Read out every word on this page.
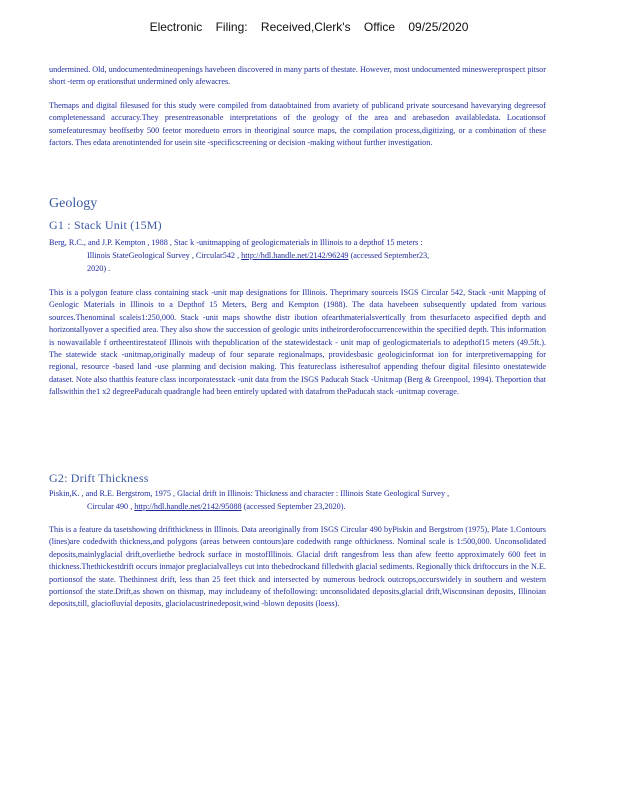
Electronic Filing: Received,Clerk's Office 09/25/2020

undermined. Old, undocumentedmineopenings havebeen discovered in many parts of thestate. However, most undocumented mineswereprospect pitsor short -term op erationsthat undermined only afewacres.

Themaps and digital filesused for this study were compiled from dataobtained from avariety of publicand private sourcesand havevarying degreesof completenessand accuracy.They presentreasonable interpretations of the geology of the area and arebasedon availabledata. Locationsof somefeaturesmay beoffsetby 500 feetor moredueto errors in theoriginal source maps, the compilation process,digitizing, or a combination of these factors. Thes edata arenotintended for usein site -specificscreening or decision -making without further investigation.

Geology
G1 : Stack Unit (15M)
Berg, R.C., and J.P. Kempton , 1988 , Stac k -unitmapping of geologicmaterials in Illinois to a depthof 15 meters :
Illinois StateGeological Survey , Circular542 , http://hdl.handle.net/2142/96249 (accessed September23,
2020) .

This is a polygon feature class containing stack -unit map designations for Illinois. Theprimary sourceis ISGS Circular 542, Stack -unit Mapping of Geologic Materials in Illinois to a Depthof 15 Meters, Berg and Kempton (1988). The data havebeen subsequently updated from various sources.Thenominal scaleis1:250,000. Stack -unit maps showthe distr ibution ofearthmaterialsvertically from thesurfaceto aspecified depth and horizontallyover a specified area. They also show the succession of geologic units intheirorderofoccurrencewithin the specified depth. This information is nowavailable f ortheentirestateof Illinois with thepublication of the statewidestack - unit map of geologicmaterials to adepthof15 meters (49.5ft.). The statewide stack -unitmap,originally madeup of four separate regionalmaps, providesbasic geologicinformat ion for interpretivemapping for regional, resource -based land -use planning and decision making. This featureclass istheresultof appending thefour digital filesinto onestatewide dataset. Note also thatthis feature class incorporatesstack -unit data from the ISGS Paducah Stack -Unitmap (Berg & Greenpool, 1994). Theportion that fallswithin the1 x2 degreePaducah quadrangle had been entirely updated with datafrom thePaducah stack -unitmap coverage.

G2: Drift Thickness
Piskin,K. , and R.E. Bergstrom, 1975 , Glacial drift in Illinois: Thickness and character : Illinois State Geological Survey ,
Circular 490 , http://hdl.handle.net/2142/95088 (accessed September 23,2020).

This is a feature da tasetshowing driftthickness in Illinois. Data areoriginally from ISGS Circular 490 byPiskin and Bergstrom (1975), Plate 1.Contours (lines)are codedwith thickness,and polygons (areas between contours)are codedwith range ofthickness. Nominal scale is 1:500,000. Unconsolidated deposits,mainlyglacial drift,overliethe bedrock surface in mostofIllinois. Glacial drift rangesfrom less than afew feetto approximately 600 feet in thickness.Thethickestdrift occurs inmajor preglacialvalleys cut into thebedrockand filledwith glacial sediments. Regionally thick driftoccurs in the N.E. portionsof the state. Thethinnest drift, less than 25 feet thick and intersected by numerous bedrock outcrops,occurswidely in southern and western portionsof the state.Drift,as shown on thismap, may includeany of thefollowing: unconsolidated deposits,glacial drift,Wisconsinan deposits, Illinoian deposits,till, glaciofluvial deposits, glaciolacustrinedeposit,wind -blown deposits (loess).
